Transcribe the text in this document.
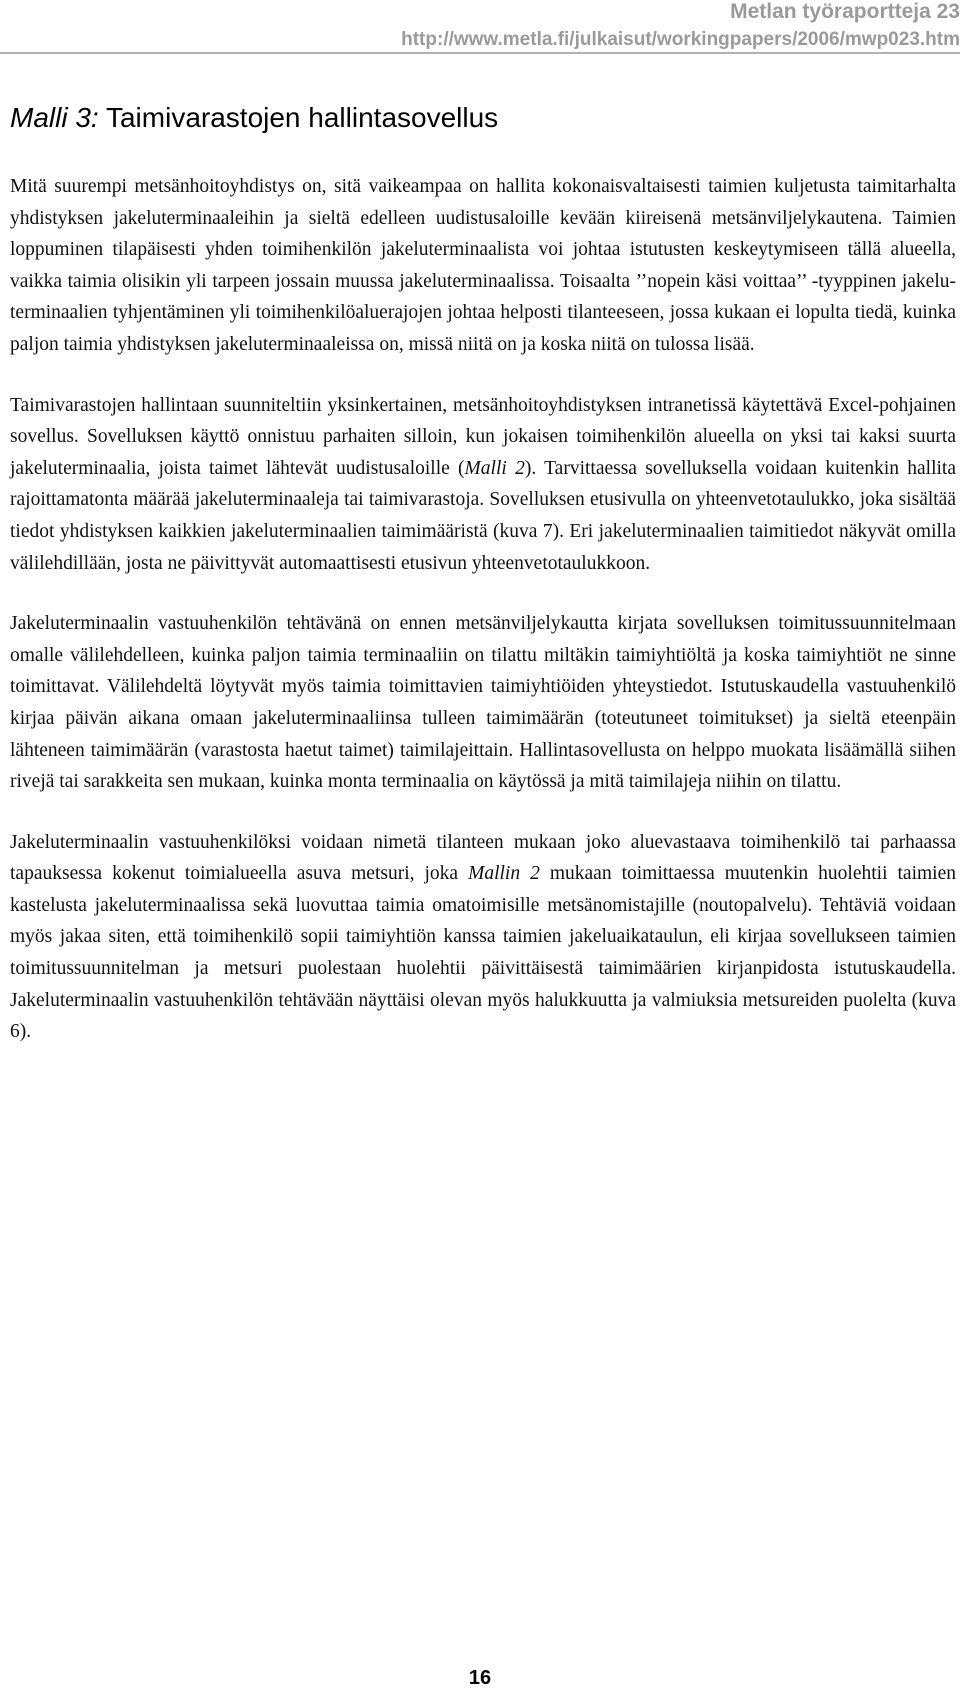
Metlan työraportteja 23
http://www.metla.fi/julkaisut/workingpapers/2006/mwp023.htm
Malli 3: Taimivarastojen hallintasovellus

Mitä suurempi metsänhoitoyhdistys on, sitä vaikeampaa on hallita kokonaisvaltaisesti taimien kuljetusta taimitarhalta yhdistyksen jakeluterminaaleihin ja sieltä edelleen uudistusaloille kevään kiireisenä metsänviljelykautena. Taimien loppuminen tilapäisesti yhden toimihenkilön jakeluterminaalista voi johtaa istutusten keskeytymiseen tällä alueella, vaikka taimia olisikin yli tarpeen jossain muussa jakeluterminaalissa. Toisaalta ’’nopein käsi voittaa’’ -tyyppinen jakelu-terminaalien tyhjentäminen yli toimihenkilöaluerajojen johtaa helposti tilanteeseen, jossa kukaan ei lopulta tiedä, kuinka paljon taimia yhdistyksen jakeluterminaaleissa on, missä niitä on ja koska niitä on tulossa lisää.

Taimivarastojen hallintaan suunniteltiin yksinkertainen, metsänhoitoyhdistyksen intranetissä käytettävä Excel-pohjainen sovellus. Sovelluksen käyttö onnistuu parhaiten silloin, kun jokaisen toimihenkilön alueella on yksi tai kaksi suurta jakeluterminaalia, joista taimet lähtevät uudistusaloille (Malli 2). Tarvittaessa sovelluksella voidaan kuitenkin hallita rajoittamatonta määrää jakeluterminaaleja tai taimivarastoja. Sovelluksen etusivulla on yhteenvetotaulukko, joka sisältää tiedot yhdistyksen kaikkien jakeluterminaalien taimimääristä (kuva 7). Eri jakeluterminaalien taimitiedot näkyvät omilla välilehdillään, josta ne päivittyvät automaattisesti etusivun yhteenvetotaulukkoon.

Jakeluterminaalin vastuuhenkilön tehtävänä on ennen metsänviljelykautta kirjata sovelluksen toimitussuunnitelmaan omalle välilehdelleen, kuinka paljon taimia terminaaliin on tilattu miltäkin taimiyhtiöltä ja koska taimiyhtiöt ne sinne toimittavat. Välilehdeltä löytyvät myös taimia toimittavien taimiyhtiöiden yhteystiedot. Istutuskaudella vastuuhenkilö kirjaa päivän aikana omaan jakeluterminaaliinsa tulleen taimimäärän (toteutuneet toimitukset) ja sieltä eteenpäin lähteneen taimimäärän (varastosta haetut taimet) taimilajeittain. Hallintasovellusta on helppo muokata lisäämällä siihen rivejä tai sarakkeita sen mukaan, kuinka monta terminaalia on käytössä ja mitä taimilajeja niihin on tilattu.

Jakeluterminaalin vastuuhenkilöksi voidaan nimetä tilanteen mukaan joko aluevastaava toimihenkilö tai parhaassa tapauksessa kokenut toimialueella asuva metsuri, joka Mallin 2 mukaan toimittaessa muutenkin huolehtii taimien kastelusta jakeluterminaalissa sekä luovuttaa taimia omatoimisille metsänomistajille (noutopalvelu). Tehtäviä voidaan myös jakaa siten, että toimihenkilö sopii taimiyhtiön kanssa taimien jakeluaikataulun, eli kirjaa sovellukseen taimien toimitussuunnitelman ja metsuri puolestaan huolehtii päivittäisestä taimimäärien kirjanpidosta istutuskaudella. Jakeluterminaalin vastuuhenkilön tehtävään näyttäisi olevan myös halukkuutta ja valmiuksia metsureiden puolelta (kuva 6).

16
